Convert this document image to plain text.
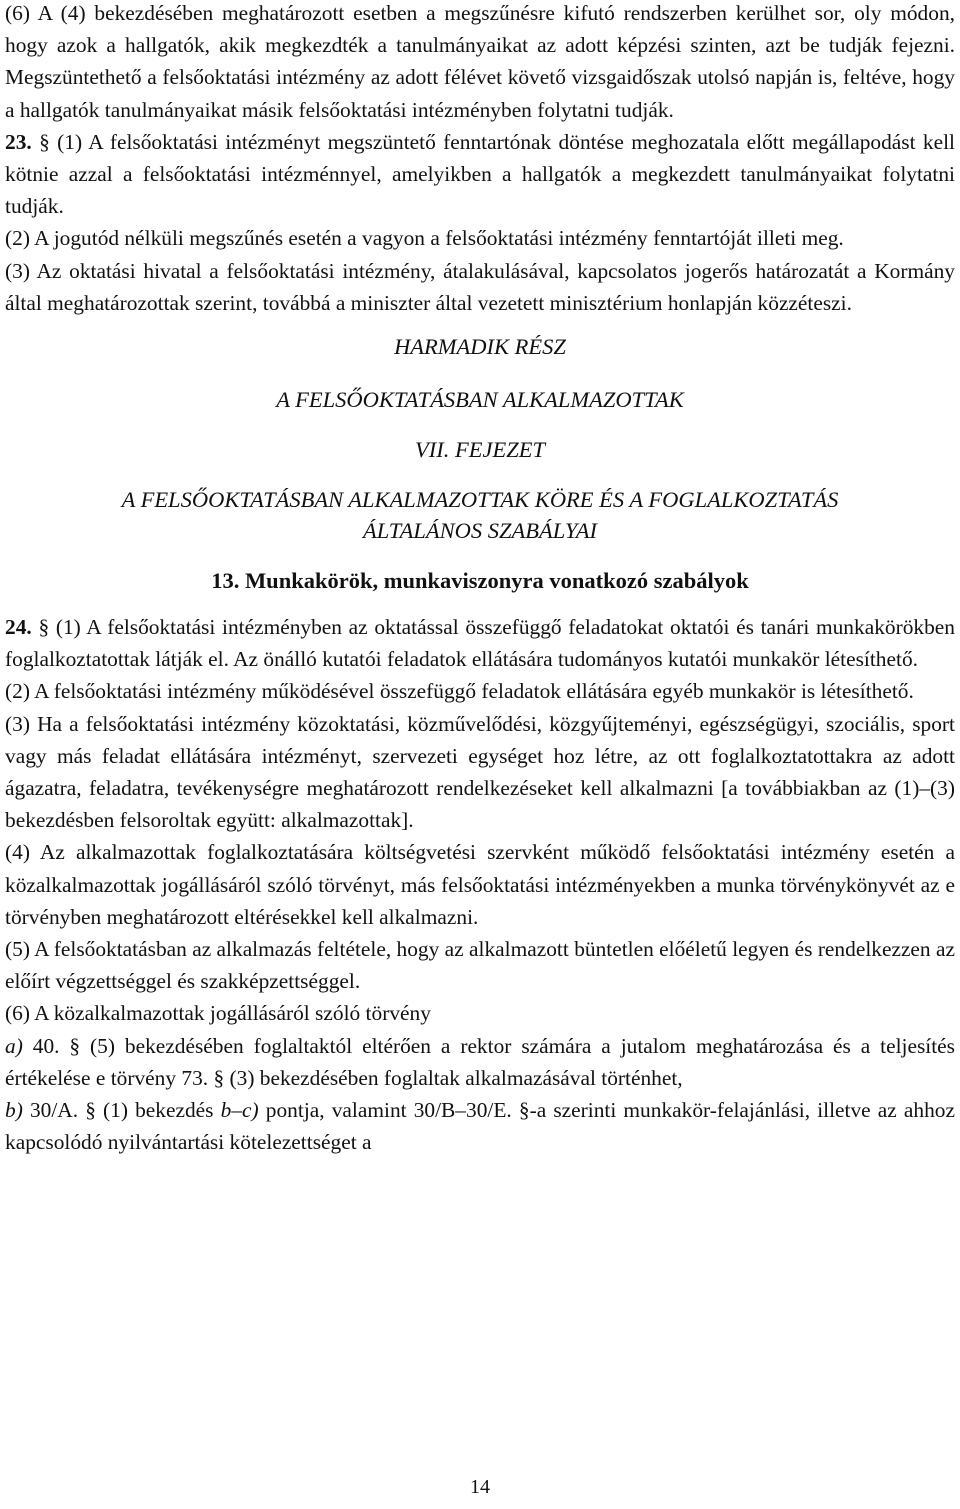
(6) A (4) bekezdésében meghatározott esetben a megszűnésre kifutó rendszerben kerülhet sor, oly módon, hogy azok a hallgatók, akik megkezdték a tanulmányaikat az adott képzési szinten, azt be tudják fejezni. Megszüntethető a felsőoktatási intézmény az adott félévet követő vizsgaidőszak utolsó napján is, feltéve, hogy a hallgatók tanulmányaikat másik felsőoktatási intézményben folytatni tudják.

23. § (1) A felsőoktatási intézményt megszüntető fenntartónak döntése meghozatala előtt megállapodást kell kötnie azzal a felsőoktatási intézménnyel, amelyikben a hallgatók a megkezdett tanulmányaikat folytatni tudják.

(2) A jogutód nélküli megszűnés esetén a vagyon a felsőoktatási intézmény fenntartóját illeti meg.

(3) Az oktatási hivatal a felsőoktatási intézmény, átalakulásával, kapcsolatos jogerős határozatát a Kormány által meghatározottak szerint, továbbá a miniszter által vezetett minisztérium honlapján közzéteszi.

HARMADIK RÉSZ

A FELSŐOKTATÁSBAN ALKALMAZOTTAK

VII. FEJEZET

A FELSŐOKTATÁSBAN ALKALMAZOTTAK KÖRE ÉS A FOGLALKOZTATÁS

ÁLTALÁNOS SZABÁLYAI

13. Munkakörök, munkaviszonyra vonatkozó szabályok

24. § (1) A felsőoktatási intézményben az oktatással összefüggő feladatokat oktatói és tanári munkakörökben foglalkoztatottak látják el. Az önálló kutatói feladatok ellátására tudományos kutatói munkakör létesíthető.

(2) A felsőoktatási intézmény működésével összefüggő feladatok ellátására egyéb munkakör is létesíthető.

(3) Ha a felsőoktatási intézmény közoktatási, közművelődési, közgyűjteményi, egészségügyi, szociális, sport vagy más feladat ellátására intézményt, szervezeti egységet hoz létre, az ott foglalkoztatottakra az adott ágazatra, feladatra, tevékenységre meghatározott rendelkezéseket kell alkalmazni [a továbbiakban az (1)–(3) bekezdésben felsoroltak együtt: alkalmazottak].

(4) Az alkalmazottak foglalkoztatására költségvetési szervként működő felsőoktatási intézmény esetén a közalkalmazottak jogállásáról szóló törvényt, más felsőoktatási intézményekben a munka törvénykönyvét az e törvényben meghatározott eltérésekkel kell alkalmazni.

(5) A felsőoktatásban az alkalmazás feltétele, hogy az alkalmazott büntetlen előéletű legyen és rendelkezzen az előírt végzettséggel és szakképzettséggel.

(6) A közalkalmazottak jogállásáról szóló törvény

a) 40. § (5) bekezdésében foglaltaktól eltérően a rektor számára a jutalom meghatározása és a teljesítés értékelése e törvény 73. § (3) bekezdésében foglaltak alkalmazásával történhet,

b) 30/A. § (1) bekezdés b–c) pontja, valamint 30/B–30/E. §-a szerinti munkakör-felajánlási, illetve az ahhoz kapcsolódó nyilvántartási kötelezettséget a

14
